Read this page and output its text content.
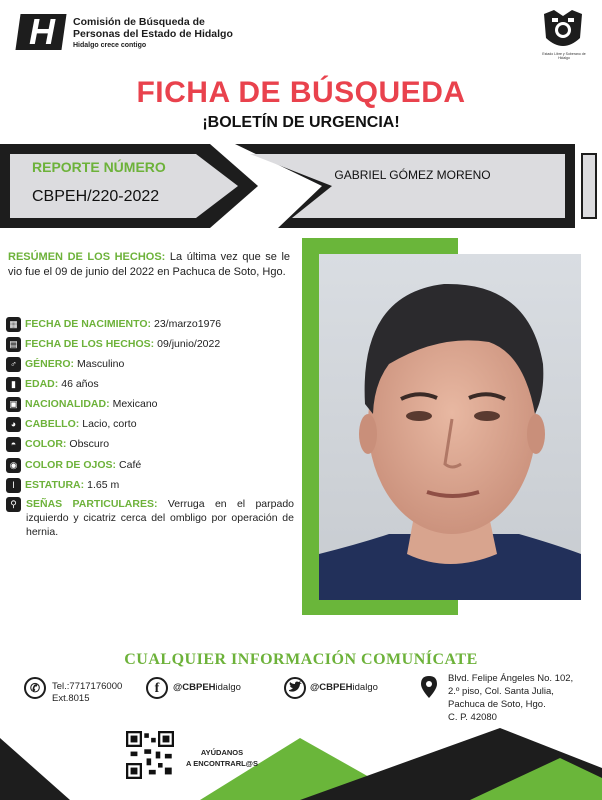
H	Comisión de Búsqueda de
Personas del Estado de Hidalgo
Hidalgo crece contigo
Estado Libre y Soberano de Hidalgo
FICHA DE BÚSQUEDA
¡BOLETÍN DE URGENCIA!
REPORTE NÚMERO
CBPEH/220-2022
GABRIEL GÓMEZ MORENO
RESÚMEN DE LOS HECHOS: La última vez que se le vio fue el 09 de junio del 2022 en Pachuca de Soto, Hgo.
▦ FECHA DE NACIMIENTO: 23/marzo1976
▤ FECHA DE LOS HECHOS: 09/junio/2022
♂ GÉNERO: Masculino
▮ EDAD: 46 años
▣ NACIONALIDAD: Mexicano
◕ CABELLO: Lacio, corto
◓ COLOR: Obscuro
◉ COLOR DE OJOS: Café
Ι ESTATURA: 1.65 m
⚲ SEÑAS PARTICULARES: Verruga en el parpado izquierdo y cicatriz cerca del ombligo por operación de hernia.
CUALQUIER INFORMACIÓN COMUNÍCATE
✆	Tel.:7717176000
Ext.8015
f	@CBPEHidalgo	@CBPEHidalgo
Blvd. Felipe Ángeles No. 102,
2.º piso, Col. Santa Julia,
Pachuca de Soto, Hgo.
C. P. 42080
AYÚDANOS
A ENCONTRARL@S
